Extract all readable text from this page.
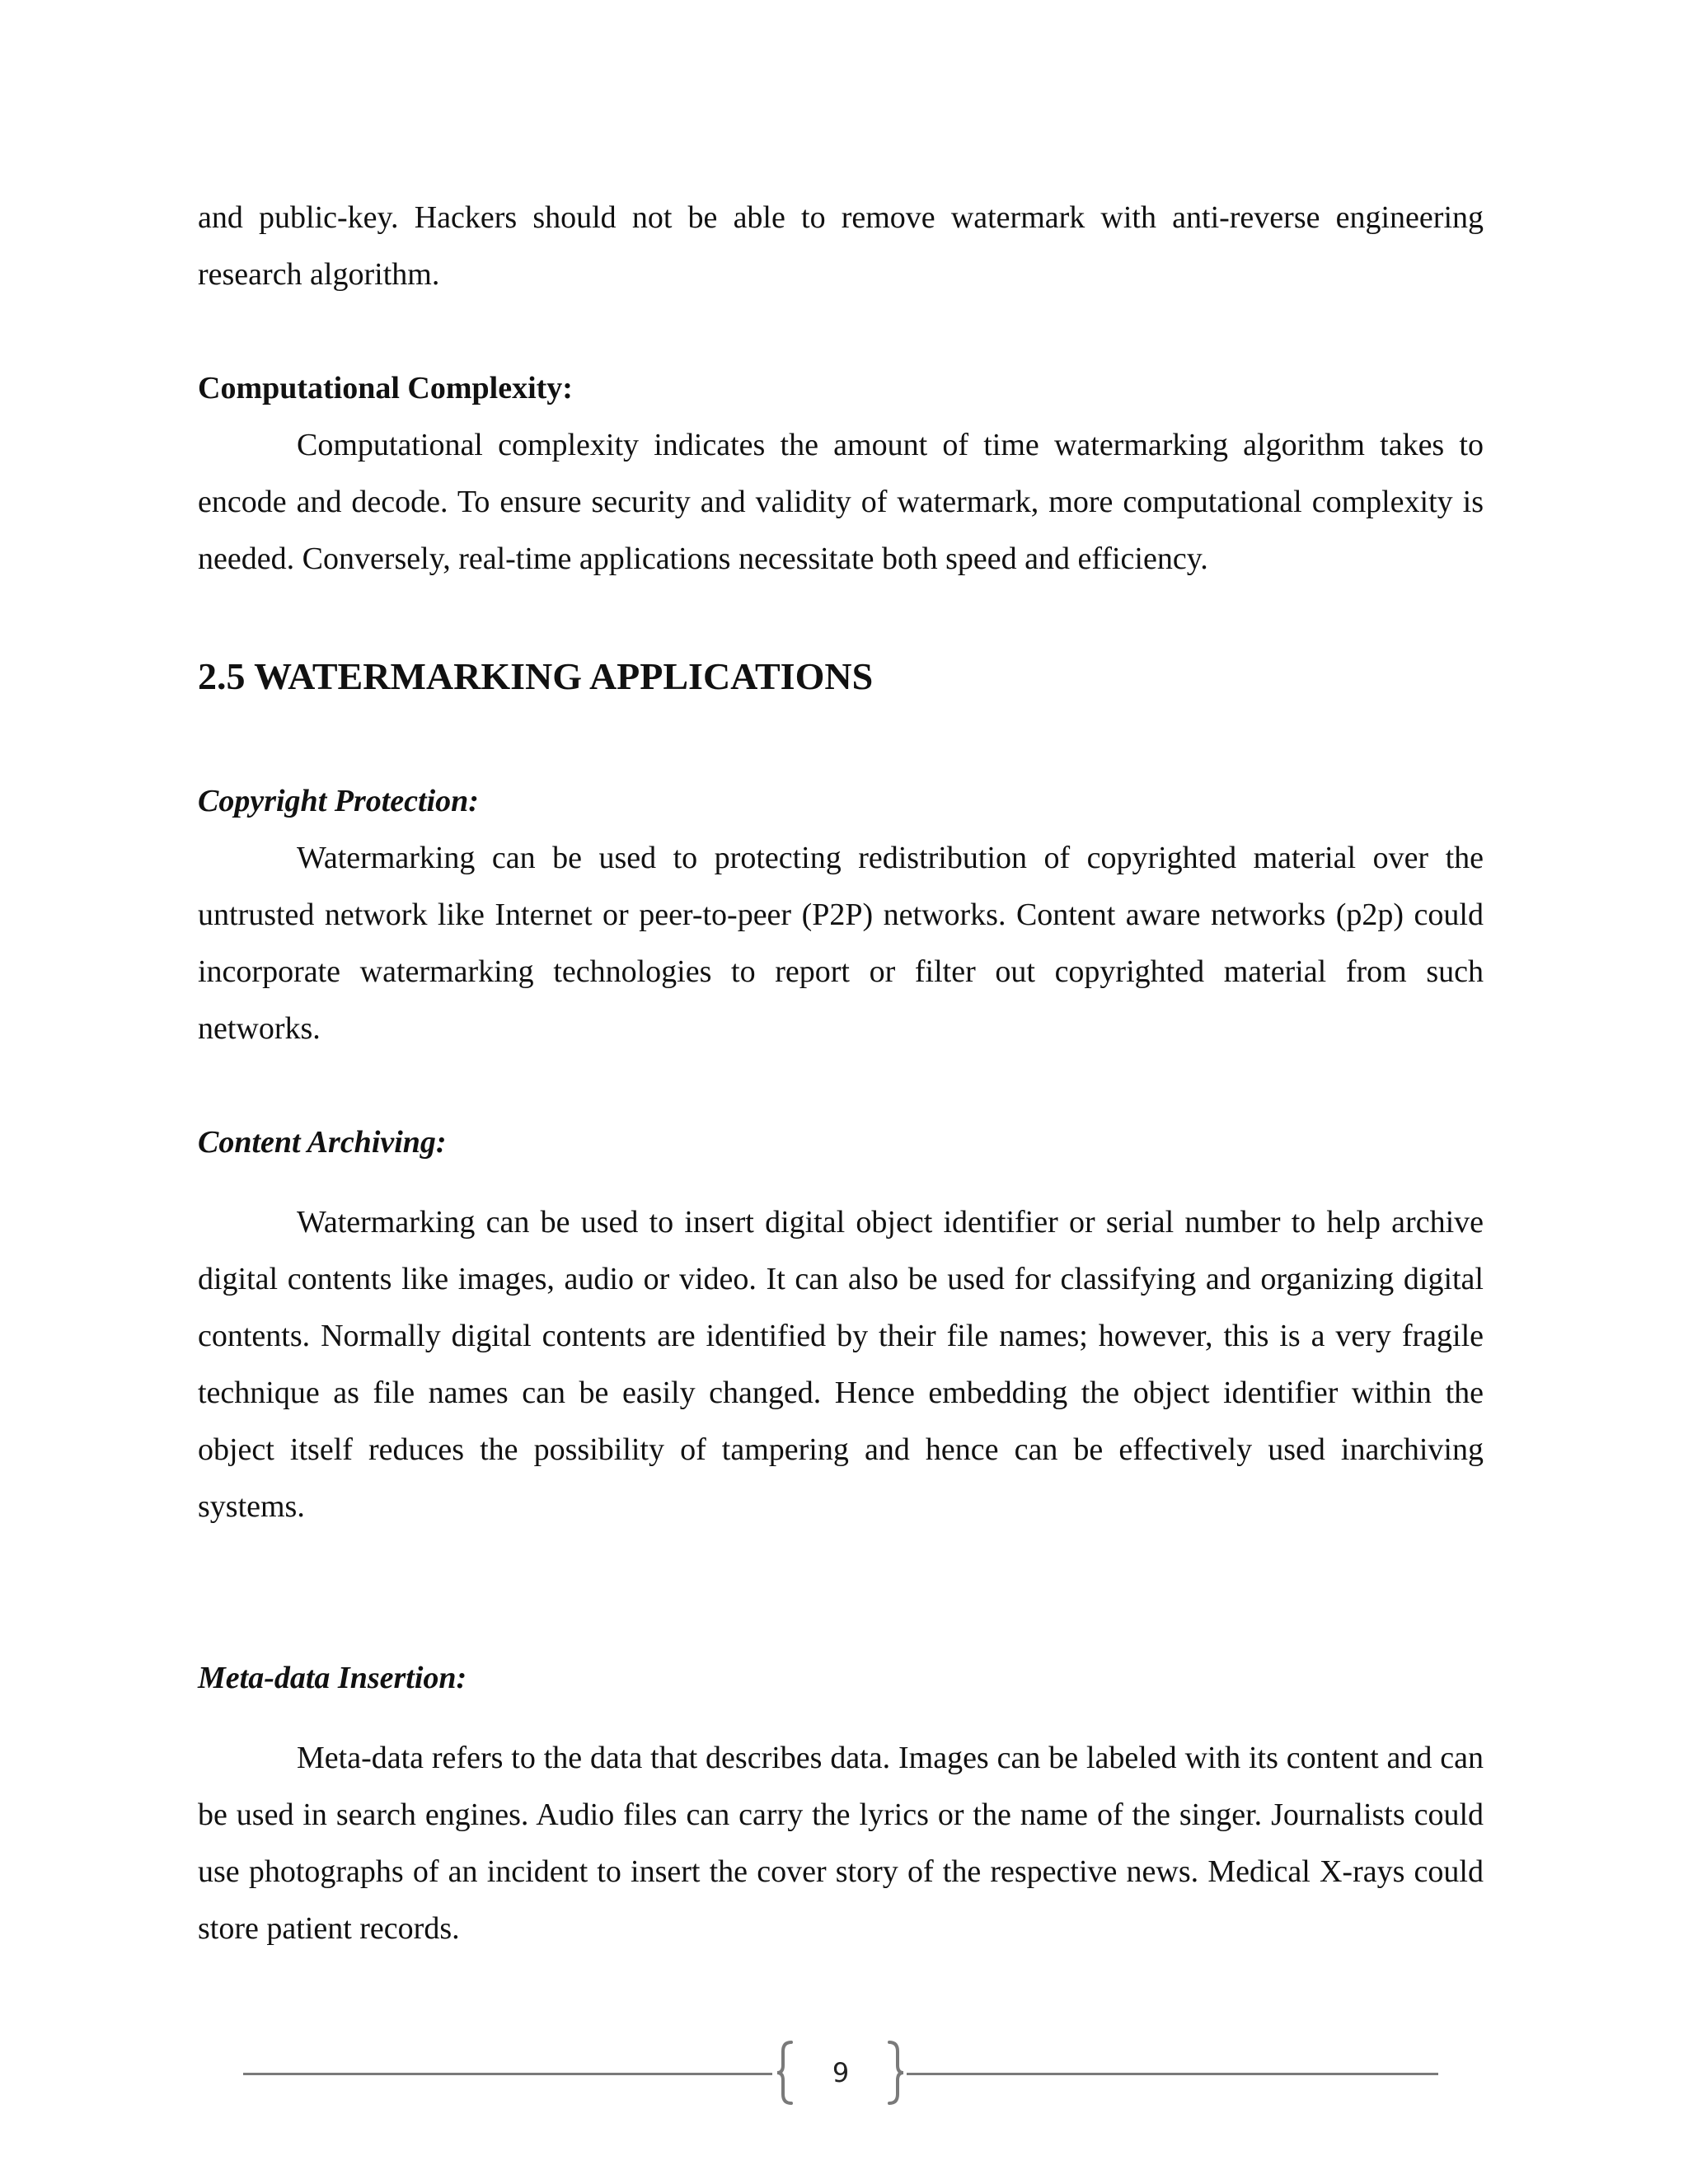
and public-key. Hackers should not be able to remove watermark with anti-reverse engineering research algorithm.

Computational Complexity:

Computational complexity indicates the amount of time watermarking algorithm takes to encode and decode. To ensure security and validity of watermark, more computational complexity is needed. Conversely, real-time applications necessitate both speed and efficiency.

2.5 WATERMARKING APPLICATIONS

Copyright Protection:

Watermarking can be used to protecting redistribution of copyrighted material over the untrusted network like Internet or peer-to-peer (P2P) networks. Content aware networks (p2p) could incorporate watermarking technologies to report or filter out copyrighted material from such networks.

Content Archiving:

Watermarking can be used to insert digital object identifier or serial number to help archive digital contents like images, audio or video. It can also be used for classifying and organizing digital contents. Normally digital contents are identified by their file names; however, this is a very fragile technique as file names can be easily changed. Hence embedding the object identifier within the object itself reduces the possibility of tampering and hence can be effectively used inarchiving systems.

Meta-data Insertion:

Meta-data refers to the data that describes data. Images can be labeled with its content and can be used in search engines. Audio files can carry the lyrics or the name of the singer. Journalists could use photographs of an incident to insert the cover story of the respective news. Medical X-rays could store patient records.

9
